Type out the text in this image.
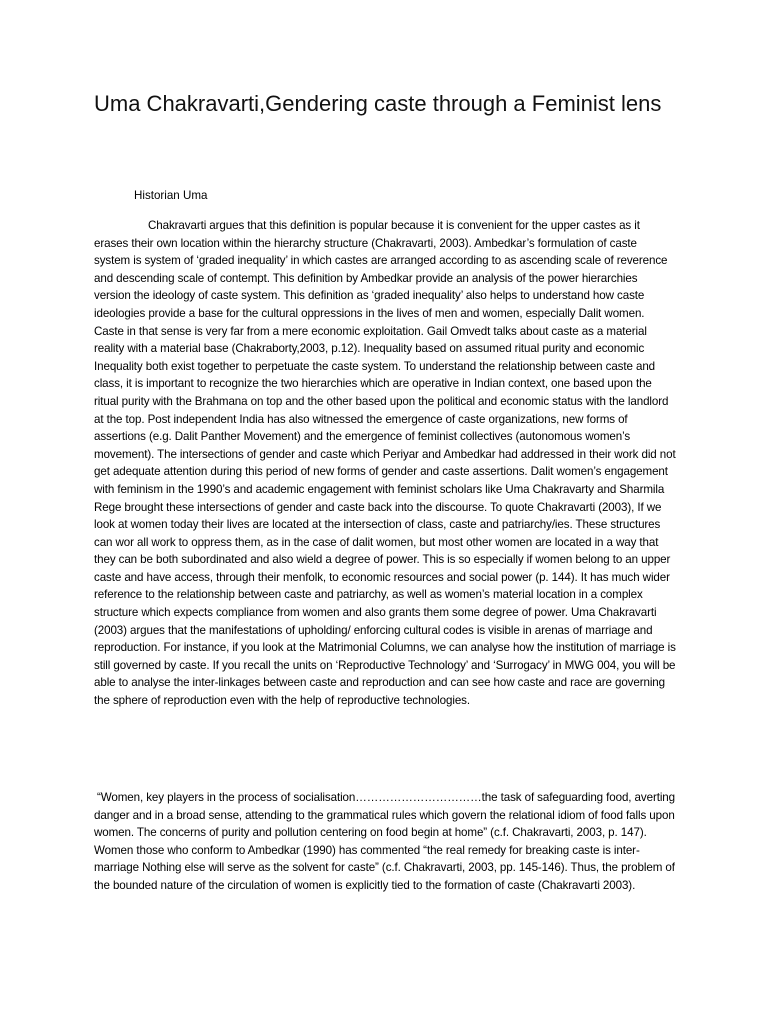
Uma Chakravarti,Gendering caste through a Feminist lens

Historian Uma

Chakravarti argues that this definition is popular because it is convenient for the upper castes as it erases their own location within the hierarchy structure (Chakravarti, 2003). Ambedkar’s formulation of caste system is system of ‘graded inequality’ in which castes are arranged according to as ascending scale of reverence and descending scale of contempt. This definition by Ambedkar provide an analysis of the power hierarchies version the ideology of caste system. This definition as ‘graded inequality’ also helps to understand how caste ideologies provide a base for the cultural oppressions in the lives of men and women, especially Dalit women. Caste in that sense is very far from a mere economic exploitation. Gail Omvedt talks about caste as a material reality with a material base (Chakraborty,2003, p.12). Inequality based on assumed ritual purity and economic Inequality both exist together to perpetuate the caste system. To understand the relationship between caste and class, it is important to recognize the two hierarchies which are operative in Indian context, one based upon the ritual purity with the Brahmana on top and the other based upon the political and economic status with the landlord at the top. Post independent India has also witnessed the emergence of caste organizations, new forms of assertions (e.g. Dalit Panther Movement) and the emergence of feminist collectives (autonomous women’s movement). The intersections of gender and caste which Periyar and Ambedkar had addressed in their work did not get adequate attention during this period of new forms of gender and caste assertions. Dalit women’s engagement with feminism in the 1990’s and academic engagement with feminist scholars like Uma Chakravarty and Sharmila Rege brought these intersections of gender and caste back into the discourse. To quote Chakravarti (2003), If we look at women today their lives are located at the intersection of class, caste and patriarchy/ies. These structures can wor all work to oppress them, as in the case of dalit women, but most other women are located in a way that they can be both subordinated and also wield a degree of power. This is so especially if women belong to an upper caste and have access, through their menfolk, to economic resources and social power (p. 144). It has much wider reference to the relationship between caste and patriarchy, as well as women’s material location in a complex structure which expects compliance from women and also grants them some degree of power. Uma Chakravarti (2003) argues that the manifestations of upholding/ enforcing cultural codes is visible in arenas of marriage and reproduction. For instance, if you look at the Matrimonial Columns, we can analyse how the institution of marriage is still governed by caste. If you recall the units on ‘Reproductive Technology’ and ‘Surrogacy’ in MWG 004, you will be able to analyse the inter-linkages between caste and reproduction and can see how caste and race are governing the sphere of reproduction even with the help of reproductive technologies.

“Women, key players in the process of socialisation……………………………the task of safeguarding food, averting danger and in a broad sense, attending to the grammatical rules which govern the relational idiom of food falls upon women. The concerns of purity and pollution centering on food begin at home” (c.f. Chakravarti, 2003, p. 147). Women those who conform to Ambedkar (1990) has commented “the real remedy for breaking caste is inter-marriage Nothing else will serve as the solvent for caste” (c.f. Chakravarti, 2003, pp. 145-146). Thus, the problem of the bounded nature of the circulation of women is explicitly tied to the formation of caste (Chakravarti 2003).
